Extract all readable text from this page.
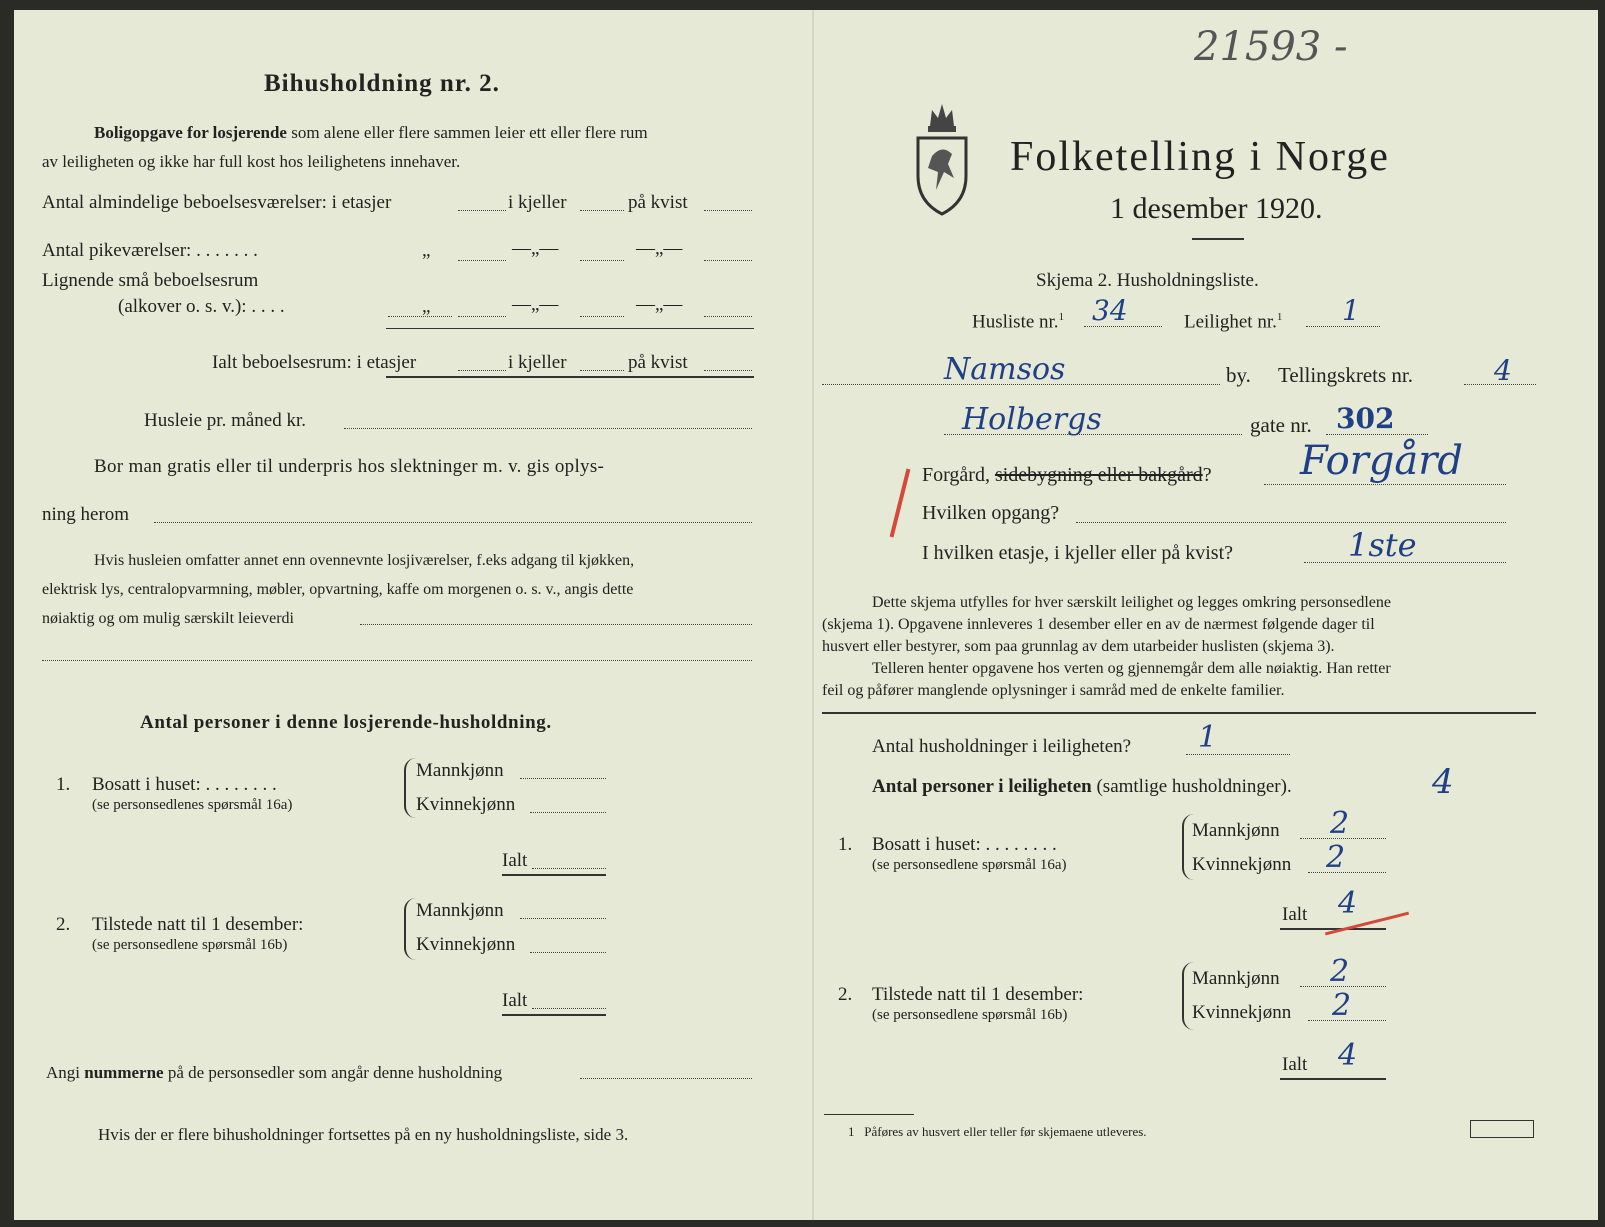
Bihusholdning nr. 2.
Boligopgave for losjerende som alene eller flere sammen leier ett eller flere rum
av leiligheten og ikke har full kost hos leilighetens innehaver.
Antal almindelige beboelsesværelser: i etasjer	i kjeller	på kvist
Antal pikeværelser: . . . . . . .	„	—„—	—„—
Lignende små beboelsesrum
(alkover o. s. v.): . . . .	„	—„—	—„—
Ialt beboelsesrum: i etasjer	i kjeller	på kvist
Husleie pr. måned kr.
Bor man gratis eller til underpris hos slektninger m. v. gis oplys-
ning herom
Hvis husleien omfatter annet enn ovennevnte losjiværelser, f.eks adgang til kjøkken,
elektrisk lys, centralopvarmning, møbler, opvartning, kaffe om morgenen o. s. v., angis dette
nøiaktig og om mulig særskilt leieverdi
Antal personer i denne losjerende-husholdning.
1. Bosatt i huset: . . . . . . . .
(se personsedlenes spørsmål 16a)
Mannkjønn
Kvinnekjønn
Ialt
2. Tilstede natt til 1 desember:
(se personsedlene spørsmål 16b)
Mannkjønn
Kvinnekjønn
Ialt
Angi nummerne på de personsedler som angår denne husholdning
Hvis der er flere bihusholdninger fortsettes på en ny husholdningsliste, side 3.
21593 -
Folketelling i Norge
1 desember 1920.
Skjema 2. Husholdningsliste.
Husliste nr.$^1$ 34	Leilighet nr.$^1$ 1
Namsos	by. Tellingskrets nr.	4
Holbergs	gate nr. 302
Forgård, sidebygning eller bakgård? Forgård
Hvilken opgang?
I hvilken etasje, i kjeller eller på kvist?	1ste
Dette skjema utfylles for hver særskilt leilighet og legges omkring personsedlene
(skjema 1). Opgavene innleveres 1 desember eller en av de nærmest følgende dager til
husvert eller bestyrer, som paa grunnlag av dem utarbeider huslisten (skjema 3).
Telleren henter opgavene hos verten og gjennemgår dem alle nøiaktig. Han retter
feil og påfører manglende oplysninger i samråd med de enkelte familier.
Antal husholdninger i leiligheten? 1
Antal personer i leiligheten (samtlige husholdninger).	4
1. Bosatt i huset: . . . . . . . .
(se personsedlene spørsmål 16a)
Mannkjønn 2
Kvinnekjønn 2
Ialt 4
2. Tilstede natt til 1 desember:
(se personsedlene spørsmål 16b)
Mannkjønn 2
Kvinnekjønn 2
Ialt 4
1 Påføres av husvert eller teller før skjemaene utleveres.
